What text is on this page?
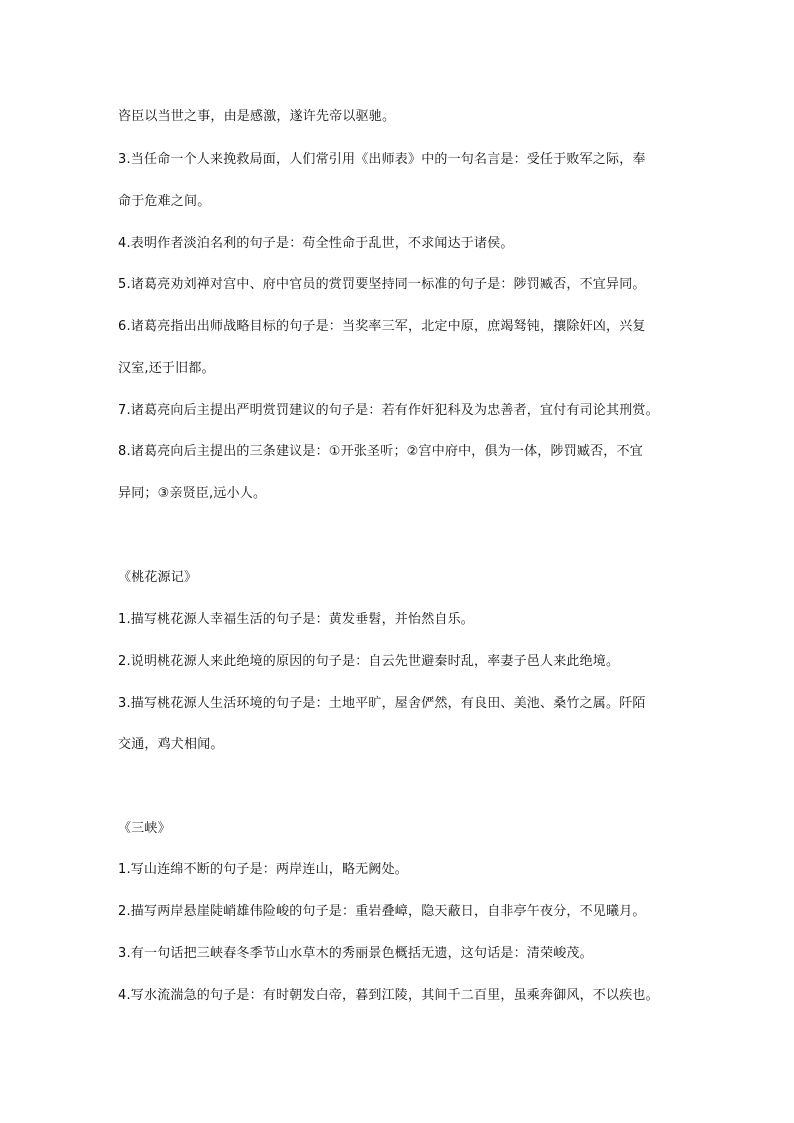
咨臣以当世之事，由是感激，遂许先帝以驱驰。

3.当任命一个人来挽救局面，人们常引用《出师表》中的一句名言是：受任于败军之际，奉

命于危难之间。

4.表明作者淡泊名利的句子是：苟全性命于乱世，不求闻达于诸侯。

5.诸葛亮劝刘禅对宫中、府中官员的赏罚要坚持同一标准的句子是：陟罚臧否，不宜异同。

6.诸葛亮指出出师战略目标的句子是：当奖率三军，北定中原，庶竭驽钝，攘除奸凶，兴复

汉室,还于旧都。

7.诸葛亮向后主提出严明赏罚建议的句子是：若有作奸犯科及为忠善者，宜付有司论其刑赏。

8.诸葛亮向后主提出的三条建议是：①开张圣听；②宫中府中，俱为一体，陟罚臧否，不宜

异同；③亲贤臣,远小人。

《桃花源记》

1.描写桃花源人幸福生活的句子是：黄发垂髫，并怡然自乐。

2.说明桃花源人来此绝境的原因的句子是：自云先世避秦时乱，率妻子邑人来此绝境。

3.描写桃花源人生活环境的句子是：土地平旷，屋舍俨然，有良田、美池、桑竹之属。阡陌

交通，鸡犬相闻。

《三峡》

1.写山连绵不断的句子是：两岸连山，略无阙处。

2.描写两岸悬崖陡峭雄伟险峻的句子是：重岩叠嶂，隐天蔽日，自非亭午夜分，不见曦月。

3.有一句话把三峡春冬季节山水草木的秀丽景色概括无遗，这句话是：清荣峻茂。

4.写水流湍急的句子是：有时朝发白帝，暮到江陵，其间千二百里，虽乘奔御风，不以疾也。
